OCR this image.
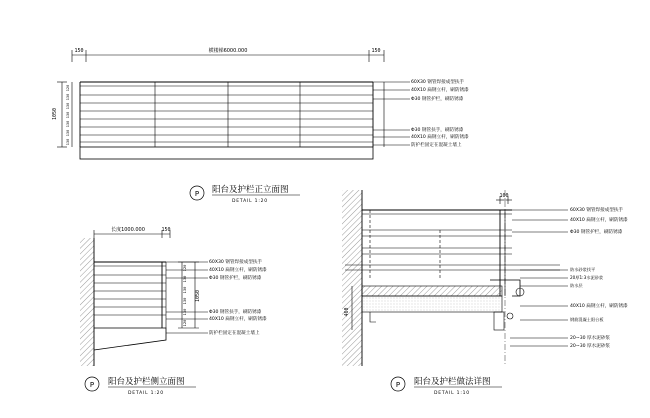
150	横楼梯6000.000	150
1050
120
130
130
130
130
130
130
60X30 钢管焊接成型扶手
40X10 扁钢立杆，刷防锈漆
Φ30 钢管护栏，刷防锈漆
Φ30 钢管扶手，刷防锈漆
40X10 扁钢立杆，刷防锈漆
防护栏固定在混凝土墙上
P 阳台及护栏正立面图
DETAIL 1:20
长度1000.000	150
1050
120
130
130
130
130
120
60X30 钢管焊接成型扶手
40X10 扁钢立杆，刷防锈漆
Φ30 钢管护栏，刷防锈漆
Φ30 钢管扶手，刷防锈漆
40X10 扁钢立杆，刷防锈漆
防护栏固定在混凝土墙上
P 阳台及护栏侧立面图
DETAIL 1:20
100
460
60X30 钢管焊接成型扶手
40X10 扁钢立杆，刷防锈漆
Φ30 钢管护栏，刷防锈漆
防水砂浆找平
20厚1:3水泥砂浆
防水层
40X10 扁钢立杆，刷防锈漆
钢筋混凝土阳台板
20~30 厚水泥砂浆
20~30 厚水泥砂浆
P 阳台及护栏做法详图
DETAIL 1:10
